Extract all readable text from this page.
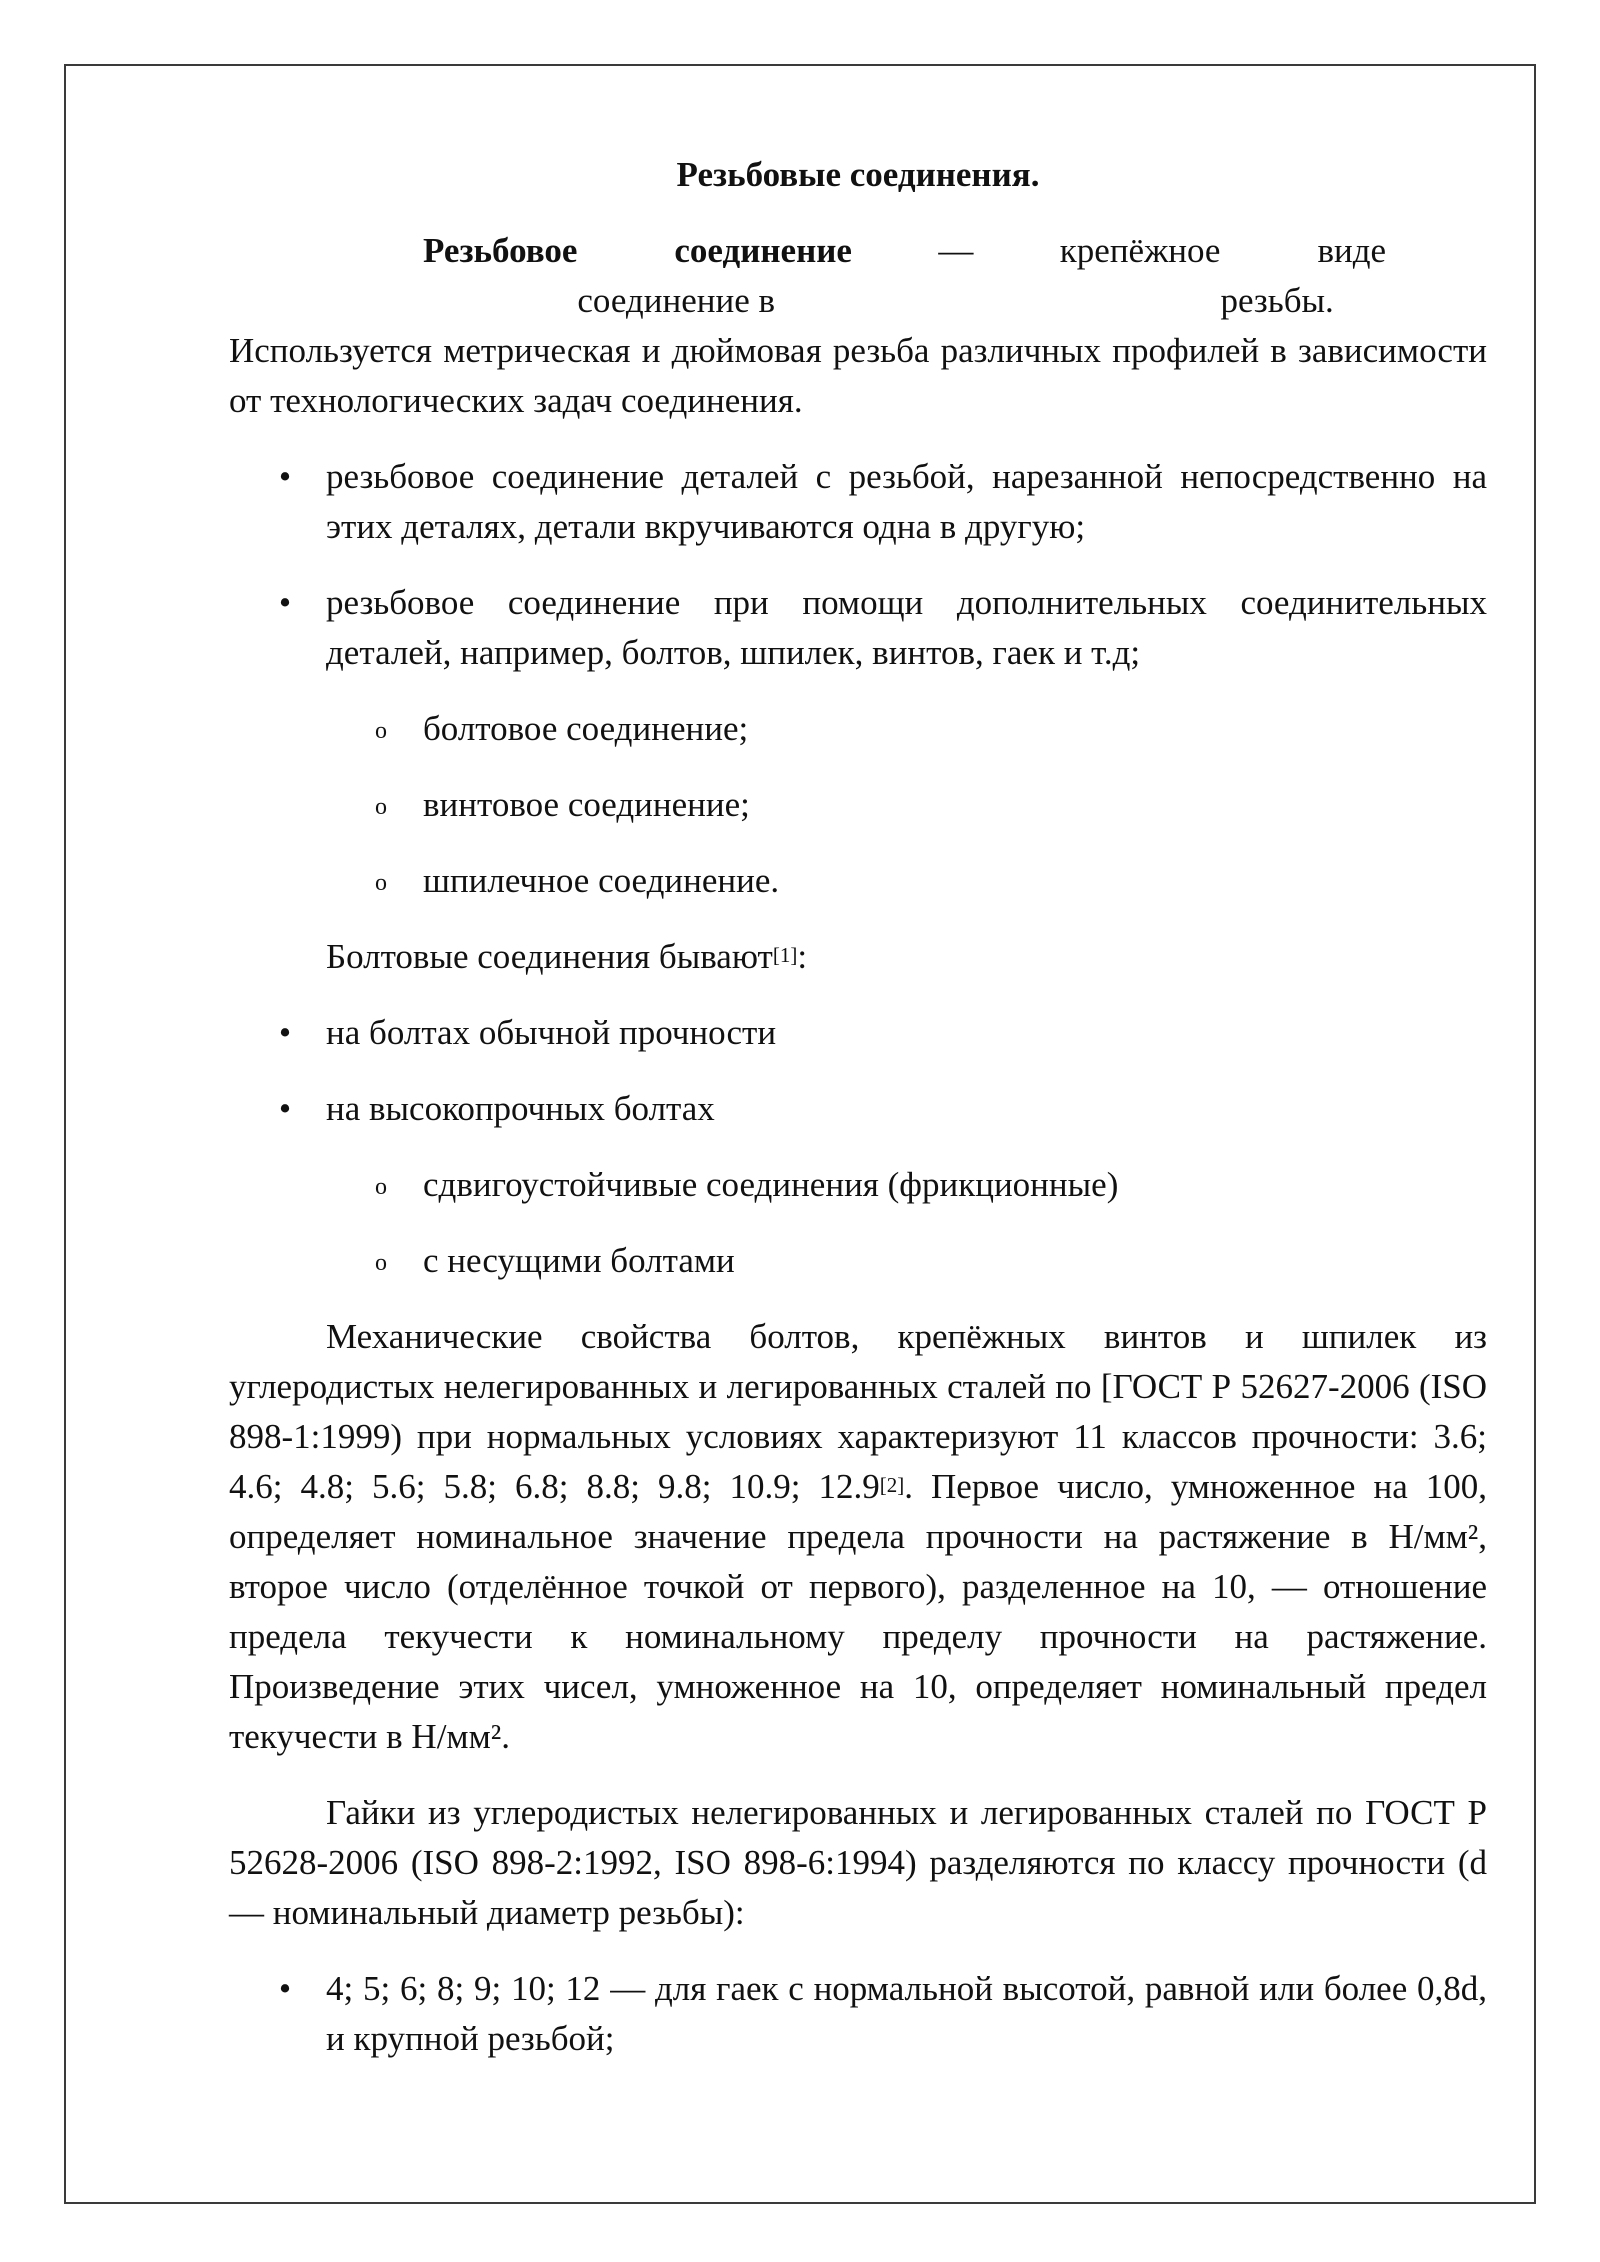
Резьбовые соединения.

Резьбовое	соединение — крепёжное соединение в
виде резьбы.
Используется метрическая и дюймовая резьба различных профилей в зависимости от технологических задач соединения.

• резьбовое соединение деталей с резьбой, нарезанной непосредственно на этих деталях, детали вкручиваются одна в другую;
• резьбовое соединение при помощи дополнительных соединительных деталей, например, болтов, шпилек, винтов, гаек и т.д;
o болтовое соединение;
o винтовое соединение;
o шпилечное соединение.
Болтовые соединения бывают[1]:
• на болтах обычной прочности
• на высокопрочных болтах
o сдвигоустойчивые соединения (фрикционные)
o с несущими болтами

Механические свойства болтов, крепёжных винтов и шпилек из углеродистых нелегированных и легированных сталей по [ГОСТ Р 52627-2006 (ISO 898-1:1999) при нормальных условиях характеризуют 11 классов прочности: 3.6; 4.6; 4.8; 5.6; 5.8; 6.8; 8.8; 9.8; 10.9; 12.9[2]. Первое число, умноженное на 100, определяет номинальное значение предела прочности на растяжение в Н/мм², второе число (отделённое точкой от первого), разделенное на 10, — отношение предела текучести к номинальному пределу прочности на растяжение. Произведение этих чисел, умноженное на 10, определяет номинальный предел текучести в Н/мм².

Гайки из углеродистых нелегированных и легированных сталей по ГОСТ Р 52628-2006 (ISO 898-2:1992, ISO 898-6:1994) разделяются по классу прочности (d — номинальный диаметр резьбы):

• 4; 5; 6; 8; 9; 10; 12 — для гаек с нормальной высотой, равной или более 0,8d, и крупной резьбой;
